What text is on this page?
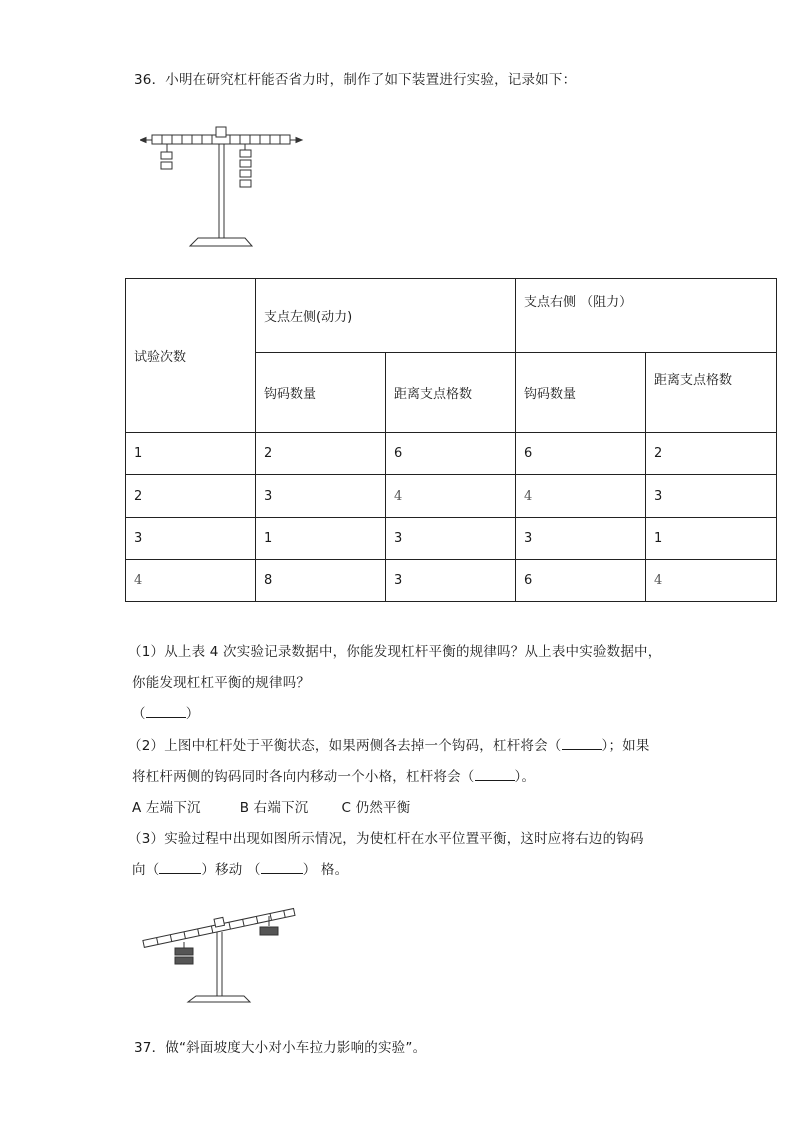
36．小明在研究杠杆能否省力时，制作了如下装置进行实验，记录如下：
试验次数	支点左侧(动力)		支点右侧 （阻力）	
	钩码数量	距离支点格数	钩码数量	距离支点格数
1	2	6	6	2
2	3	4	4	3
3	1	3	3	1
4	8	3	6	4
（1）从上表 4 次实验记录数据中，你能发现杠杆平衡的规律吗？从上表中实验数据中，
你能发现杠杠平衡的规律吗？
（	）
（2）上图中杠杆处于平衡状态，如果两侧各去掉一个钩码，杠杆将会（	）；如果
将杠杆两侧的钩码同时各向内移动一个小格，杠杆将会（	）。
A 左端下沉	B 右端下沉 C 仍然平衡
（3）实验过程中出现如图所示情况，为使杠杆在水平位置平衡，这时应将右边的钩码
向（	）移动 （	） 格。
37．做“斜面坡度大小对小车拉力影响的实验”。
